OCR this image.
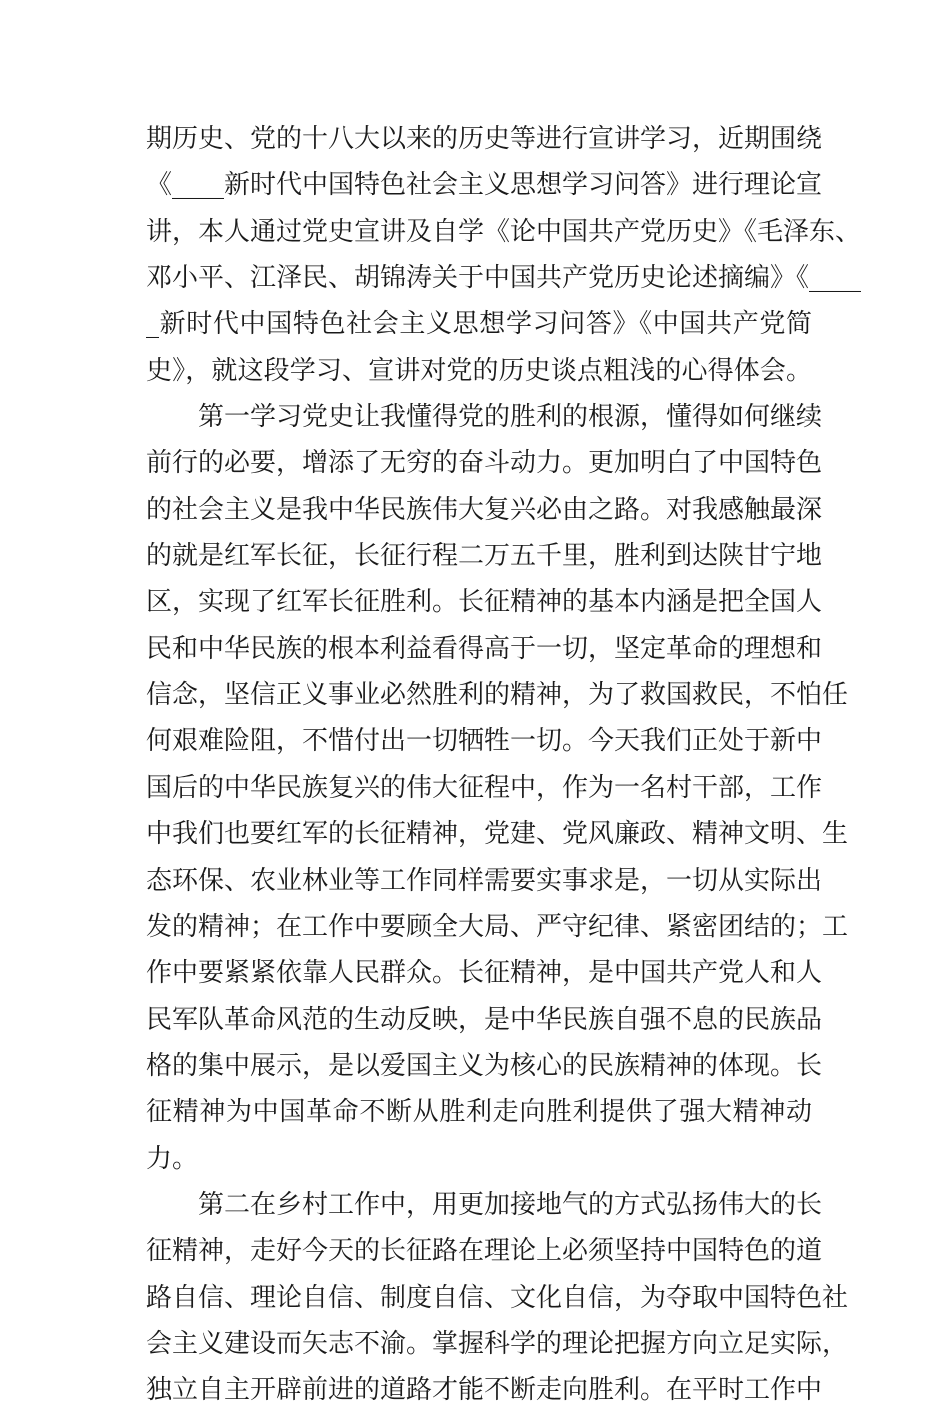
期历史、党的十八大以来的历史等进行宣讲学习，近期围绕
《____新时代中国特色社会主义思想学习问答》进行理论宣
讲，本人通过党史宣讲及自学《论中国共产党历史》《毛泽东、
邓小平、江泽民、胡锦涛关于中国共产党历史论述摘编》《____
_新时代中国特色社会主义思想学习问答》《中国共产党简
史》，就这段学习、宣讲对党的历史谈点粗浅的心得体会。
　　第一学习党史让我懂得党的胜利的根源，懂得如何继续
前行的必要，增添了无穷的奋斗动力。更加明白了中国特色
的社会主义是我中华民族伟大复兴必由之路。对我感触最深
的就是红军长征，长征行程二万五千里，胜利到达陕甘宁地
区，实现了红军长征胜利。长征精神的基本内涵是把全国人
民和中华民族的根本利益看得高于一切，坚定革命的理想和
信念，坚信正义事业必然胜利的精神，为了救国救民，不怕任
何艰难险阻，不惜付出一切牺牲一切。今天我们正处于新中
国后的中华民族复兴的伟大征程中，作为一名村干部，工作
中我们也要红军的长征精神，党建、党风廉政、精神文明、生
态环保、农业林业等工作同样需要实事求是，一切从实际出
发的精神；在工作中要顾全大局、严守纪律、紧密团结的；工
作中要紧紧依靠人民群众。长征精神，是中国共产党人和人
民军队革命风范的生动反映，是中华民族自强不息的民族品
格的集中展示，是以爱国主义为核心的民族精神的体现。长
征精神为中国革命不断从胜利走向胜利提供了强大精神动
力。
　　第二在乡村工作中，用更加接地气的方式弘扬伟大的长
征精神，走好今天的长征路在理论上必须坚持中国特色的道
路自信、理论自信、制度自信、文化自信，为夺取中国特色社
会主义建设而矢志不渝。掌握科学的理论把握方向立足实际，
独立自主开辟前进的道路才能不断走向胜利。在平时工作中
